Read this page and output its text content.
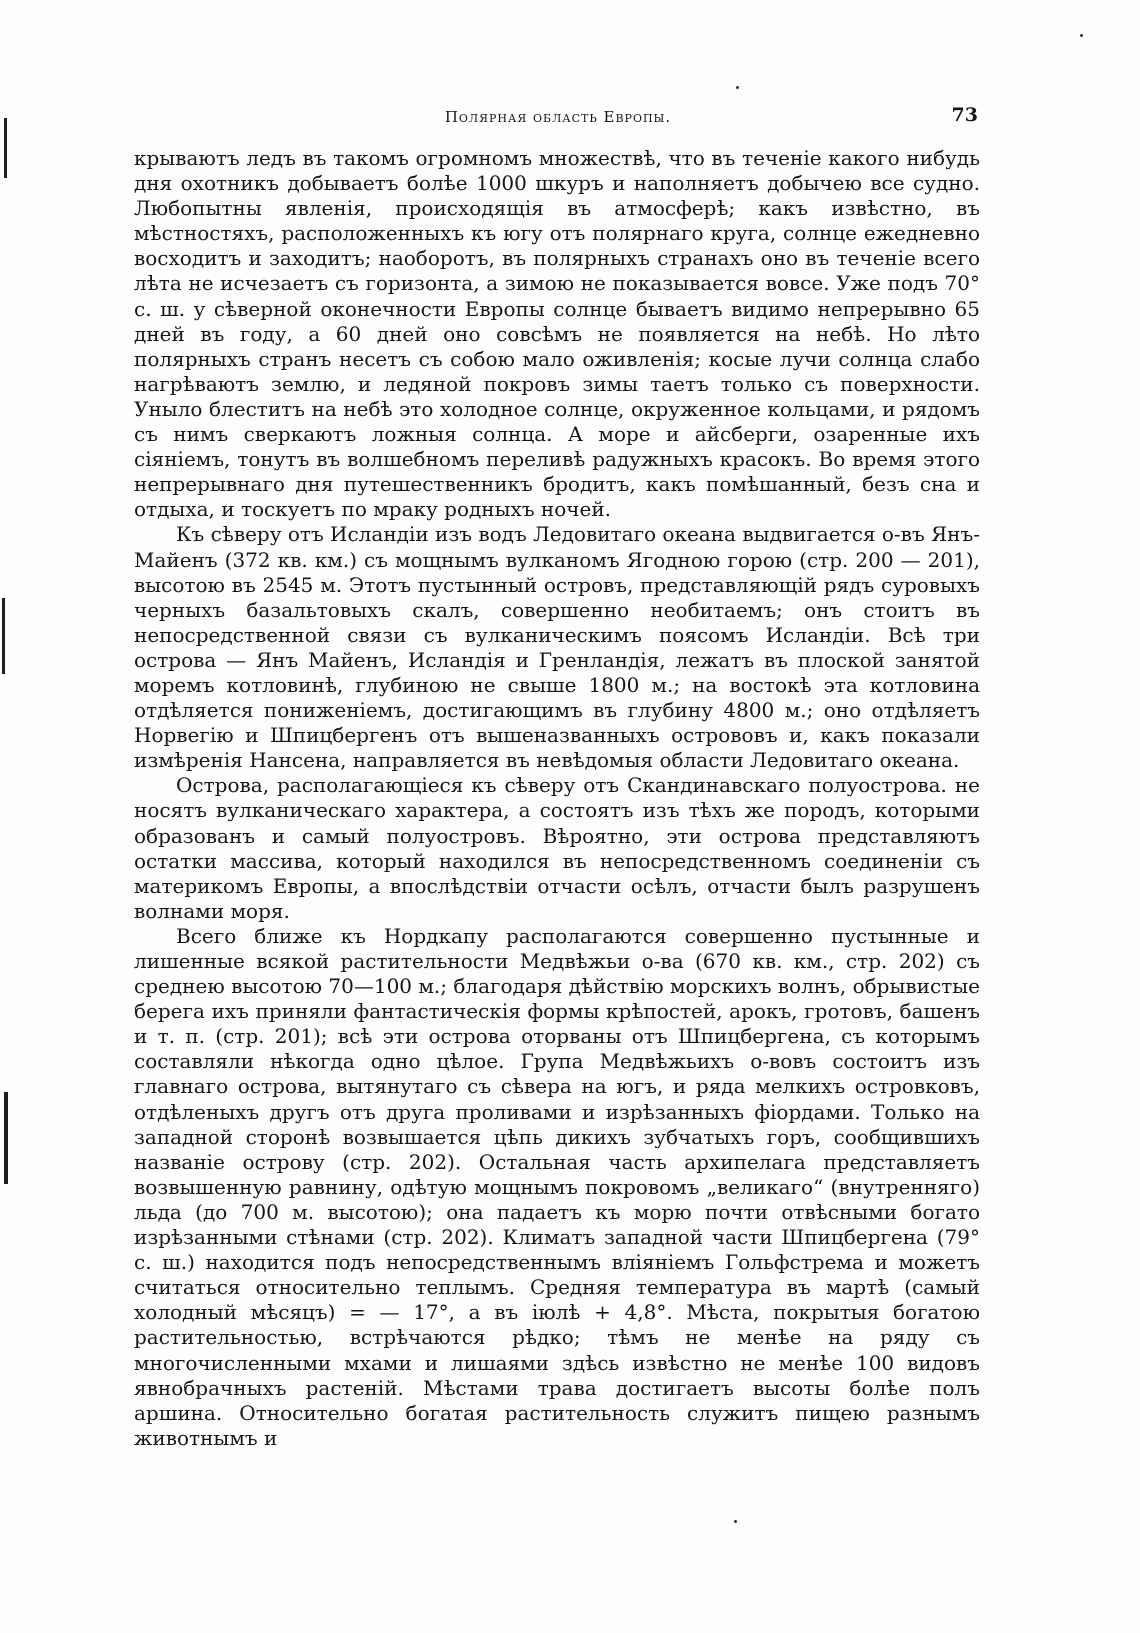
Полярная область Европы.	73

крываютъ ледъ въ такомъ огромномъ множествѣ, что въ теченіе какого нибудь дня охотникъ добываетъ болѣе 1000 шкуръ и наполняетъ добычею все судно. Любопытны явленія, происходящія въ атмосферѣ; какъ извѣстно, въ мѣстностяхъ, расположенныхъ къ югу отъ полярнаго круга, солнце ежедневно восходитъ и заходитъ; наоборотъ, въ полярныхъ странахъ оно въ теченіе всего лѣта не исчезаетъ съ горизонта, а зимою не показывается вовсе. Уже подъ 70° с. ш. у сѣверной оконечности Европы солнце бываетъ видимо непрерывно 65 дней въ году, а 60 дней оно совсѣмъ не появляется на небѣ. Но лѣто полярныхъ странъ несетъ съ собою мало оживленія; косые лучи солнца слабо нагрѣваютъ землю, и ледяной покровъ зимы таетъ только съ поверхности. Уныло блеститъ на небѣ это холодное солнце, окруженное кольцами, и рядомъ съ нимъ сверкаютъ ложныя солнца. А море и айсберги, озаренные ихъ сіяніемъ, тонутъ въ волшебномъ переливѣ радужныхъ красокъ. Во время этого непрерывнаго дня путешественникъ бродитъ, какъ помѣшанный, безъ сна и отдыха, и тоскуетъ по мраку родныхъ ночей.

Къ сѣверу отъ Исландіи изъ водъ Ледовитаго океана выдвигается о-въ Янъ-Майенъ (372 кв. км.) съ мощнымъ вулканомъ Ягодною горою (стр. 200 — 201), высотою въ 2545 м. Этотъ пустынный островъ, представляющій рядъ суровыхъ черныхъ базальтовыхъ скалъ, совершенно необитаемъ; онъ стоитъ въ непосредственной связи съ вулканическимъ поясомъ Исландіи. Всѣ три острова — Янъ Майенъ, Исландія и Гренландія, лежатъ въ плоской занятой моремъ котловинѣ, глубиною не свыше 1800 м.; на востокѣ эта котловина отдѣляется пониженіемъ, достигающимъ въ глубину 4800 м.; оно отдѣляетъ Норвегію и Шпицбергенъ отъ вышеназванныхъ острововъ и, какъ показали измѣренія Нансена, направляется въ невѣдомыя области Ледовитаго океана.

Острова, располагающіеся къ сѣверу отъ Скандинавскаго полуострова. не носятъ вулканическаго характера, а состоятъ изъ тѣхъ же породъ, которыми образованъ и самый полуостровъ. Вѣроятно, эти острова представляютъ остатки массива, который находился въ непосредственномъ соединеніи съ материкомъ Европы, а впослѣдствіи отчасти осѣлъ, отчасти былъ разрушенъ волнами моря.

Всего ближе къ Нордкапу располагаются совершенно пустынные и лишенные всякой растительности Медвѣжьи о-ва (670 кв. км., стр. 202) съ среднею высотою 70—100 м.; благодаря дѣйствію морскихъ волнъ, обрывистые берега ихъ приняли фантастическія формы крѣпостей, арокъ, гротовъ, башенъ и т. п. (стр. 201); всѣ эти острова оторваны отъ Шпицбергена, съ которымъ составляли нѣкогда одно цѣлое. Група Медвѣжьихъ о-вовъ состоитъ изъ главнаго острова, вытянутаго съ сѣвера на югъ, и ряда мелкихъ островковъ, отдѣленыхъ другъ отъ друга проливами и изрѣзанныхъ фіордами. Только на западной сторонѣ возвышается цѣпь дикихъ зубчатыхъ горъ, сообщившихъ названіе острову (стр. 202). Остальная часть архипелага представляетъ возвышенную равнину, одѣтую мощнымъ покровомъ „великаго“ (внутренняго) льда (до 700 м. высотою); она падаетъ къ морю почти отвѣсными богато изрѣзанными стѣнами (стр. 202). Климатъ западной части Шпицбергена (79° с. ш.) находится подъ непосредственнымъ вліяніемъ Гольфстрема и можетъ считаться относительно теплымъ. Средняя температура въ мартѣ (самый холодный мѣсяцъ) = — 17°, а въ іюлѣ + 4,8°. Мѣста, покрытыя богатою растительностью, встрѣчаются рѣдко; тѣмъ не менѣе на ряду съ многочисленными мхами и лишаями здѣсь извѣстно не менѣе 100 видовъ явнобрачныхъ растеній. Мѣстами трава достигаетъ высоты болѣе полъ аршина. Относительно богатая растительность служитъ пищею разнымъ животнымъ и
